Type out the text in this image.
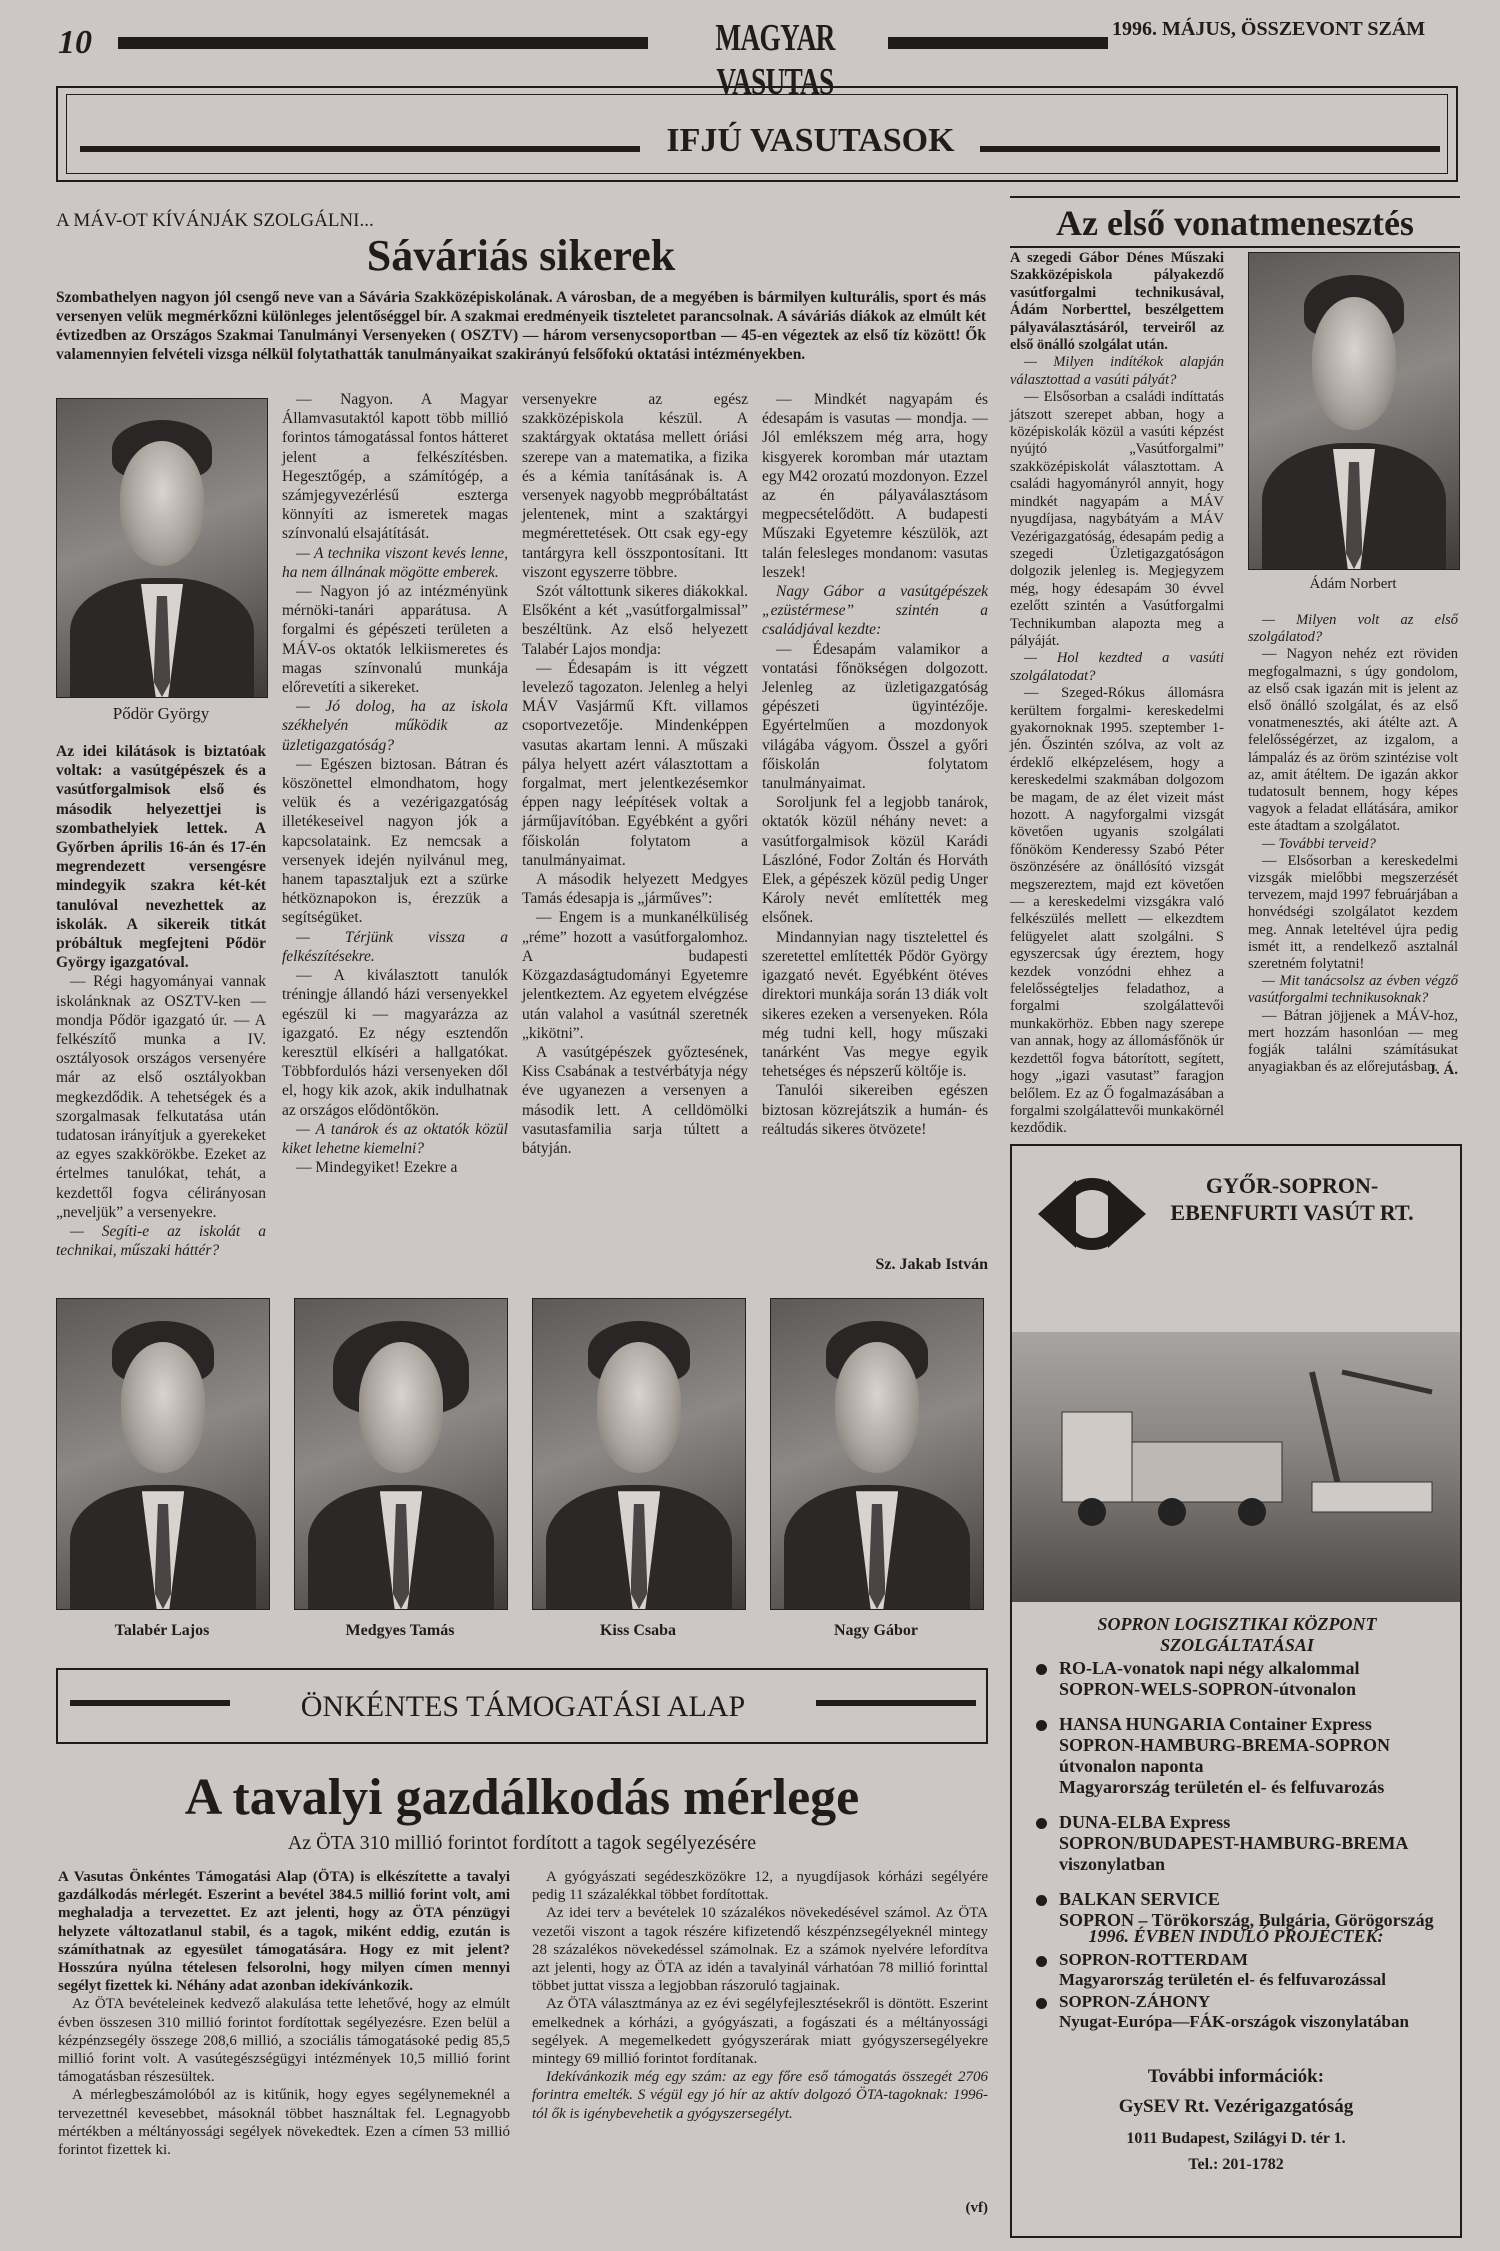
10	MAGYAR VASUTAS
1996. MÁJUS, ÖSSZEVONT SZÁM
IFJÚ VASUTASOK
A MÁV-OT KÍVÁNJÁK SZOLGÁLNI...
Sáváriás sikerek
Szombathelyen nagyon jól csengő neve van a Sávária Szakközépiskolának. A városban, de a megyében is bármilyen kulturális, sport és más versenyen velük megmérkőzni különleges jelentőséggel bír. A szakmai eredményeik tiszteletet parancsolnak. A sáváriás diákok az elmúlt két évtizedben az Országos Szakmai Tanulmányi Versenyeken ( OSZTV) — három versenycsoportban — 45-en végeztek az első tíz között! Ők valamennyien felvételi vizsga nélkül folytathatták tanulmányaikat szakirányú felsőfokú oktatási intézményekben.
Pődör György

Az idei kilátások is biztatóak voltak: a vasútgépészek és a vasútforgalmisok első és második helyezettjei is szombathelyiek lettek. A Győrben április 16-án és 17-én megrendezett versengésre mindegyik szakra két-két tanulóval nevezhettek az iskolák. A sikereik titkát próbáltuk megfejteni Pődör György igazgatóval.

— Régi hagyományai vannak iskolánknak az OSZTV-ken — mondja Pődör igazgató úr. — A felkészítő munka a IV. osztályosok országos versenyére már az első osztályokban megkezdődik. A tehetségek és a szorgalmasak felkutatása után tudatosan irányítjuk a gyerekeket az egyes szakkörökbe. Ezeket az értelmes tanulókat, tehát, a kezdettől fogva célirányosan „neveljük” a versenyekre.

— Segíti-e az iskolát a technikai, műszaki háttér?

— Nagyon. A Magyar Államvasutaktól kapott több millió forintos támogatással fontos hátteret jelent a felkészítésben. Hegesztőgép, a számítógép, a számjegyvezérlésű eszterga könnyíti az ismeretek magas színvonalú elsajátítását.

— A technika viszont kevés lenne, ha nem állnának mögötte emberek.

— Nagyon jó az intézményünk mérnöki-tanári apparátusa. A forgalmi és gépészeti területen a MÁV-os oktatók lelkiismeretes és magas színvonalú munkája előrevetíti a sikereket.

— Jó dolog, ha az iskola székhelyén működik az üzletigazgatóság?

— Egészen biztosan. Bátran és köszönettel elmondhatom, hogy velük és a vezérigazgatóság illetékeseivel nagyon jók a kapcsolataink. Ez nemcsak a versenyek idején nyilvánul meg, hanem tapasztaljuk ezt a szürke hétköznapokon is, érezzük a segítségüket.

— Térjünk vissza a felkészítésekre.

— A kiválasztott tanulók tréningje állandó házi versenyekkel egészül ki — magyarázza az igazgató. Ez négy esztendőn keresztül elkíséri a hallgatókat. Többfordulós házi versenyeken dől el, hogy kik azok, akik indulhatnak az országos elődöntőkön.

— A tanárok és az oktatók közül kiket lehetne kiemelni?

— Mindegyiket! Ezekre a

versenyekre az egész szakközépiskola készül. A szaktárgyak oktatása mellett óriási szerepe van a matematika, a fizika és a kémia tanításának is. A versenyek nagyobb megpróbáltatást jelentenek, mint a szaktárgyi megmérettetések. Ott csak egy-egy tantárgyra kell összpontosítani. Itt viszont egyszerre többre.

Szót váltottunk sikeres diákokkal. Elsőként a két „vasútforgalmissal” beszéltünk. Az első helyezett Talabér Lajos mondja:

— Édesapám is itt végzett levelező tagozaton. Jelenleg a helyi MÁV Vasjármű Kft. villamos csoportvezetője. Mindenképpen vasutas akartam lenni. A műszaki pálya helyett azért választottam a forgalmat, mert jelentkezésemkor éppen nagy leépítések voltak a járműjavítóban. Egyébként a győri főiskolán folytatom a tanulmányaimat.

A második helyezett Medgyes Tamás édesapja is „járműves”:

— Engem is a munkanélküliség „réme” hozott a vasútforgalomhoz. A budapesti Közgazdaságtudományi Egyetemre jelentkeztem. Az egyetem elvégzése után valahol a vasútnál szeretnék „kikötni”.

A vasútgépészek győztesének, Kiss Csabának a testvérbátyja négy éve ugyanezen a versenyen a második lett. A celldömölki vasutasfamilia sarja túltett a bátyján.

— Mindkét nagyapám és édesapám is vasutas — mondja. — Jól emlékszem még arra, hogy kisgyerek koromban már utaztam egy M42 orozatú mozdonyon. Ezzel az én pályaválasztásom megpecsételődött. A budapesti Műszaki Egyetemre készülök, azt talán felesleges mondanom: vasutas leszek!

Nagy Gábor a vasútgépészek „ezüstérmese” szintén a családjával kezdte:

— Édesapám valamikor a vontatási főnökségen dolgozott. Jelenleg az üzletigazgatóság gépészeti ügyintézője. Egyértelműen a mozdonyok világába vágyom. Összel a győri főiskolán folytatom tanulmányaimat.

Soroljunk fel a legjobb tanárok, oktatók közül néhány nevet: a vasútforgalmisok közül Karádi Lászlóné, Fodor Zoltán és Horváth Elek, a gépészek közül pedig Unger Károly nevét említették meg elsőnek.

Mindannyian nagy tisztelettel és szeretettel említették Pődör György igazgató nevét. Egyébként ötéves direktori munkája során 13 diák volt sikeres ezeken a versenyeken. Róla még tudni kell, hogy műszaki tanárként Vas megye egyik tehetséges és népszerű költője is.

Tanulói sikereiben egészen biztosan közrejátszik a humán- és reáltudás sikeres ötvözete!

Sz. Jakab István
Talabér Lajos	Medgyes Tamás	Kiss Csaba	Nagy Gábor
Az első vonatmenesztés

A szegedi Gábor Dénes Műszaki Szakközépiskola pályakezdő vasútforgalmi technikusával, Ádám Norberttel, beszélgettem pályaválasztásáról, terveiről az első önálló szolgálat után.

— Milyen indítékok alapján választottad a vasúti pályát?

— Elsősorban a családi indíttatás játszott szerepet abban, hogy a középiskolák közül a vasúti képzést nyújtó „Vasútforgalmi” szakközépiskolát választottam. A családi hagyományról annyit, hogy mindkét nagyapám a MÁV nyugdíjasa, nagybátyám a MÁV Vezérigazgatóság, édesapám pedig a szegedi Üzletigazgatóságon dolgozik jelenleg is. Megjegyzem még, hogy édesapám 30 évvel ezelőtt szintén a Vasútforgalmi Technikumban alapozta meg a pályáját.

— Hol kezdted a vasúti szolgálatodat?

— Szeged-Rókus állomásra kerültem forgalmi- kereskedelmi gyakornoknak 1995. szeptember 1-jén. Őszintén szólva, az volt az érdeklő elképzelésem, hogy a kereskedelmi szakmában dolgozom be magam, de az élet vizeit mást hozott. A nagyforgalmi vizsgát követően ugyanis szolgálati főnököm Kenderessy Szabó Péter öszönzésére az önállósító vizsgát megszereztem, majd ezt követően — a kereskedelmi vizsgákra való felkészülés mellett — elkezdtem felügyelet alatt szolgálni. S egyszercsak úgy éreztem, hogy kezdek vonzódni ehhez a felelősségteljes feladathoz, a forgalmi szolgálattevői munkakörhöz. Ebben nagy szerepe van annak, hogy az állomásfőnök úr kezdettől fogva bátorított, segített, hogy „igazi vasutast” faragjon belőlem. Ez az Ő fogalmazásában a forgalmi szolgálattevői munkakörnél kezdődik.

Ádám Norbert

— Milyen volt az első szolgálatod?

— Nagyon nehéz ezt röviden megfogalmazni, s úgy gondolom, az első csak igazán mit is jelent az első önálló szolgálat, és az első vonatmenesztés, aki átélte azt. A felelősségérzet, az izgalom, a lámpaláz és az öröm szintézise volt az, amit átéltem. De igazán akkor tudatosult bennem, hogy képes vagyok a feladat ellátására, amikor este átadtam a szolgálatot.

— További terveid?

— Elsősorban a kereskedelmi vizsgák mielőbbi megszerzését tervezem, majd 1997 februárjában a honvédségi szolgálatot kezdem meg. Annak leteltével újra pedig ismét itt, a rendelkező asztalnál szeretném folytatni!

— Mit tanácsolsz az évben végző vasútforgalmi technikusoknak?

— Bátran jöjjenek a MÁV-hoz, mert hozzám hasonlóan — meg fogják találni számításukat anyagiakban és az előrejutásban.

J. Á.
GYŐR-SOPRON-EBENFURTI VASÚT RT.
SOPRON LOGISZTIKAI KÖZPONT SZOLGÁLTATÁSAI
RO-LA-vonatok napi négy alkalommal
SOPRON-WELS-SOPRON-útvonalon
HANSA HUNGARIA Container Express
SOPRON-HAMBURG-BREMA-SOPRON útvonalon naponta
Magyarország területén el- és felfuvarozás
DUNA-ELBA Express
SOPRON/BUDAPEST-HAMBURG-BREMA viszonylatban
BALKAN SERVICE
SOPRON – Törökország, Bulgária, Görögország
1996. ÉVBEN INDULÓ PROJECTEK:
SOPRON-ROTTERDAM
Magyarország területén el- és felfuvarozással
SOPRON-ZÁHONY
Nyugat-Európa—FÁK-országok viszonylatában
További információk:
GySEV Rt. Vezérigazgatóság
1011 Budapest, Szilágyi D. tér 1.
Tel.: 201-1782
ÖNKÉNTES TÁMOGATÁSI ALAP
A tavalyi gazdálkodás mérlege
Az ÖTA 310 millió forintot fordított a tagok segélyezésére

A Vasutas Önkéntes Támogatási Alap (ÖTA) is elkészítette a tavalyi gazdálkodás mérlegét. Eszerint a bevétel 384.5 millió forint volt, ami meghaladja a tervezettet. Ez azt jelenti, hogy az ÖTA pénzügyi helyzete változatlanul stabil, és a tagok, miként eddig, ezután is számíthatnak az egyesület támogatására. Hogy ez mit jelent? Hosszúra nyúlna tételesen felsorolni, hogy milyen címen mennyi segélyt fizettek ki. Néhány adat azonban idekívánkozik.

Az ÖTA bevételeinek kedvező alakulása tette lehetővé, hogy az elmúlt évben összesen 310 millió forintot fordítottak segélyezésre. Ezen belül a kézpénzsegély összege 208,6 millió, a szociális támogatásoké pedig 85,5 millió forint volt. A vasútegészségügyi intézmények 10,5 millió forint támogatásban részesültek.

A mérlegbeszámolóból az is kitűnik, hogy egyes segélynemeknél a tervezettnél kevesebbet, másoknál többet használtak fel. Legnagyobb mértékben a méltányossági segélyek növekedtek. Ezen a címen 53 millió forintot fizettek ki.

A gyógyászati segédeszközökre 12, a nyugdíjasok kórházi segélyére pedig 11 százalékkal többet fordítottak.

Az idei terv a bevételek 10 százalékos növekedésével számol. Az ÖTA vezetői viszont a tagok részére kifizetendő készpénzsegélyeknél mintegy 28 százalékos növekedéssel számolnak. Ez a számok nyelvére lefordítva azt jelenti, hogy az ÖTA az idén a tavalyinál várhatóan 78 millió forinttal többet juttat vissza a legjobban rászoruló tagjainak.

Az ÖTA választmánya az ez évi segélyfejlesztésekről is döntött. Eszerint emelkednek a kórházi, a gyógyászati, a fogászati és a méltányossági segélyek. A megemelkedett gyógyszerárak miatt gyógyszersegélyekre mintegy 69 millió forintot fordítanak.

Idekívánkozik még egy szám: az egy főre eső támogatás összegét 2706 forintra emelték. S végül egy jó hír az aktív dolgozó ÖTA-tagoknak: 1996-tól ők is igénybevehetik a gyógyszersegélyt.

(vf)
